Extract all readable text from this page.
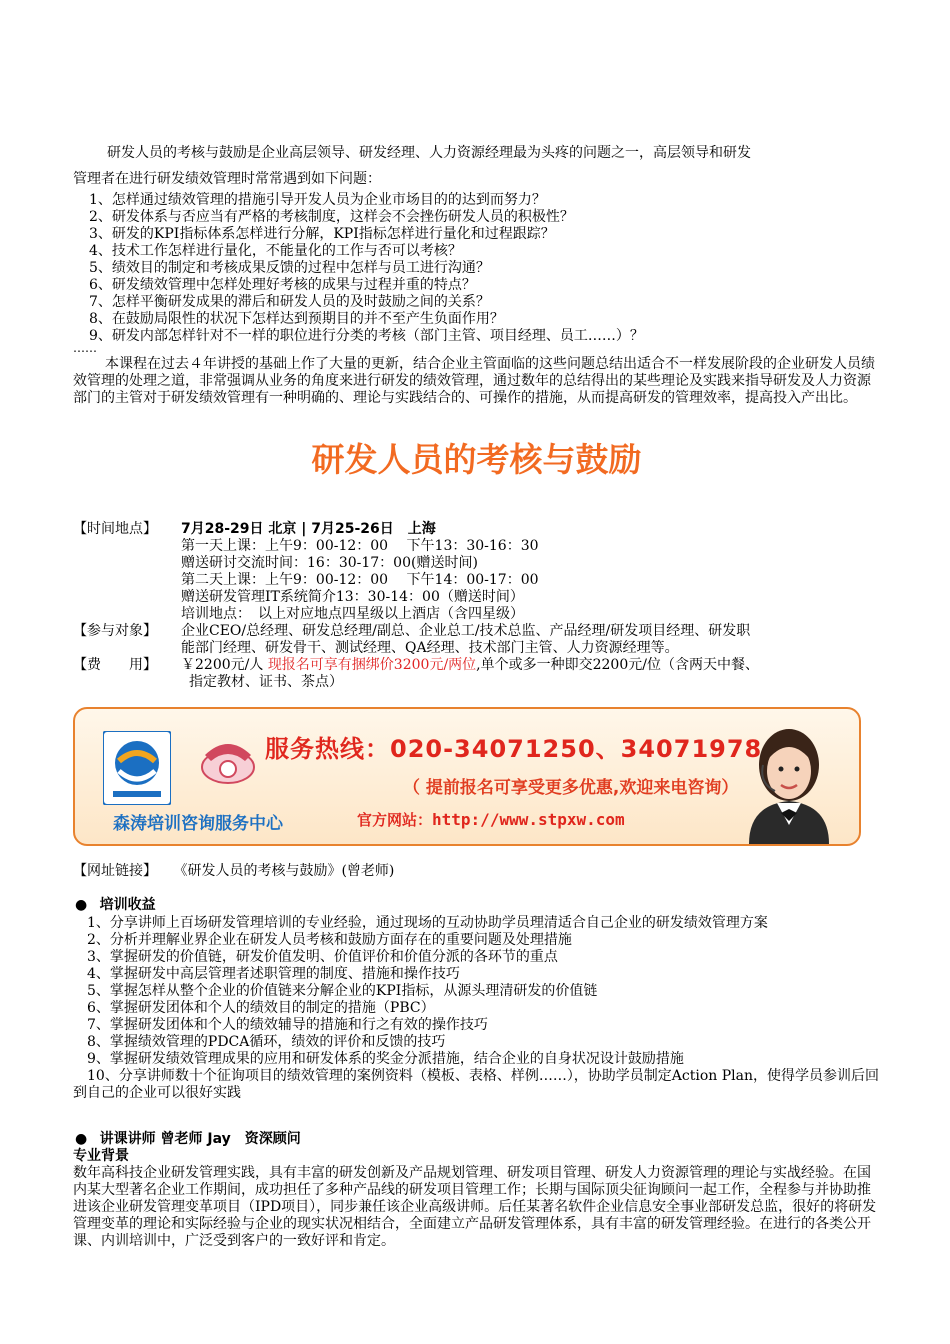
研发人员的考核与鼓励是企业高层领导、研发经理、人力资源经理最为头疼的问题之一，高层领导和研发
管理者在进行研发绩效管理时常常遇到如下问题：
1、怎样通过绩效管理的措施引导开发人员为企业市场目的的达到而努力？
2、研发体系与否应当有严格的考核制度，这样会不会挫伤研发人员的积极性？
3、研发的KPI指标体系怎样进行分解，KPI指标怎样进行量化和过程跟踪？
4、技术工作怎样进行量化，不能量化的工作与否可以考核？
5、绩效目的制定和考核成果反馈的过程中怎样与员工进行沟通？
6、研发绩效管理中怎样处理好考核的成果与过程并重的特点？
7、怎样平衡研发成果的滞后和研发人员的及时鼓励之间的关系？
8、在鼓励局限性的状况下怎样达到预期目的并不至产生负面作用？
9、研发内部怎样针对不一样的职位进行分类的考核（部门主管、项目经理、员工……）？
……
本课程在过去４年讲授的基础上作了大量的更新，结合企业主管面临的这些问题总结出适合不一样发展阶段的企业研发人员绩效管理的处理之道，非常强调从业务的角度来进行研发的绩效管理，通过数年的总结得出的某些理论及实践来指导研发及人力资源部门的主管对于研发绩效管理有一种明确的、理论与实践结合的、可操作的措施，从而提高研发的管理效率，提高投入产出比。
研发人员的考核与鼓励
【时间地点】 7月28-29日 北京 | 7月25-26日　上海
第一天上课：上午9：00-12：00　 下午13：30-16：30
赠送研讨交流时间：16：30-17：00(赠送时间)
第二天上课：上午9：00-12：00　 下午14：00-17：00
赠送研发管理IT系统简介13：30-14：00（赠送时间）
培训地点：　以上对应地点四星级以上酒店（含四星级）
【参与对象】 企业CEO/总经理、研发总经理/副总、企业总工/技术总监、产品经理/研发项目经理、研发职
能部门经理、研发骨干、测试经理、QA经理、技术部门主管、人力资源经理等。
【费　　用】 ￥2200元/人 现报名可享有捆绑价3200元/两位,单个或多一种即交2200元/位（含两天中餐、
指定教材、证书、茶点）
服务热线：020-34071250、34071978
（ 提前报名可享受更多优惠,欢迎来电咨询）
森涛培训咨询服务中心	官方网站：http://www.stpxw.com
【网址链接】 《研发人员的考核与鼓励》(曾老师)
● 培训收益
　1、分享讲师上百场研发管理培训的专业经验，通过现场的互动协助学员理清适合自己企业的研发绩效管理方案
　2、分析并理解业界企业在研发人员考核和鼓励方面存在的重要问题及处理措施
　3、掌握研发的价值链，研发价值发明、价值评价和价值分派的各环节的重点
　4、掌握研发中高层管理者述职管理的制度、措施和操作技巧
　5、掌握怎样从整个企业的价值链来分解企业的KPI指标，从源头理清研发的价值链
　6、掌握研发团体和个人的绩效目的制定的措施（PBC）
　7、掌握研发团体和个人的绩效辅导的措施和行之有效的操作技巧
　8、掌握绩效管理的PDCA循环，绩效的评价和反馈的技巧
　9、掌握研发绩效管理成果的应用和研发体系的奖金分派措施，结合企业的自身状况设计鼓励措施
　10、分享讲师数十个征询项目的绩效管理的案例资料（模板、表格、样例……），协助学员制定Action Plan，使得学员参训后回到自己的企业可以很好实践
● 讲课讲师 曾老师 Jay　资深顾问
专业背景
数年高科技企业研发管理实践，具有丰富的研发创新及产品规划管理、研发项目管理、研发人力资源管理的理论与实战经验。在国内某大型著名企业工作期间，成功担任了多种产品线的研发项目管理工作；长期与国际顶尖征询顾问一起工作，全程参与并协助推进该企业研发管理变革项目（IPD项目），同步兼任该企业高级讲师。后任某著名软件企业信息安全事业部研发总监，很好的将研发管理变革的理论和实际经验与企业的现实状况相结合，全面建立产品研发管理体系，具有丰富的研发管理经验。在进行的各类公开课、内训培训中，广泛受到客户的一致好评和肯定。
